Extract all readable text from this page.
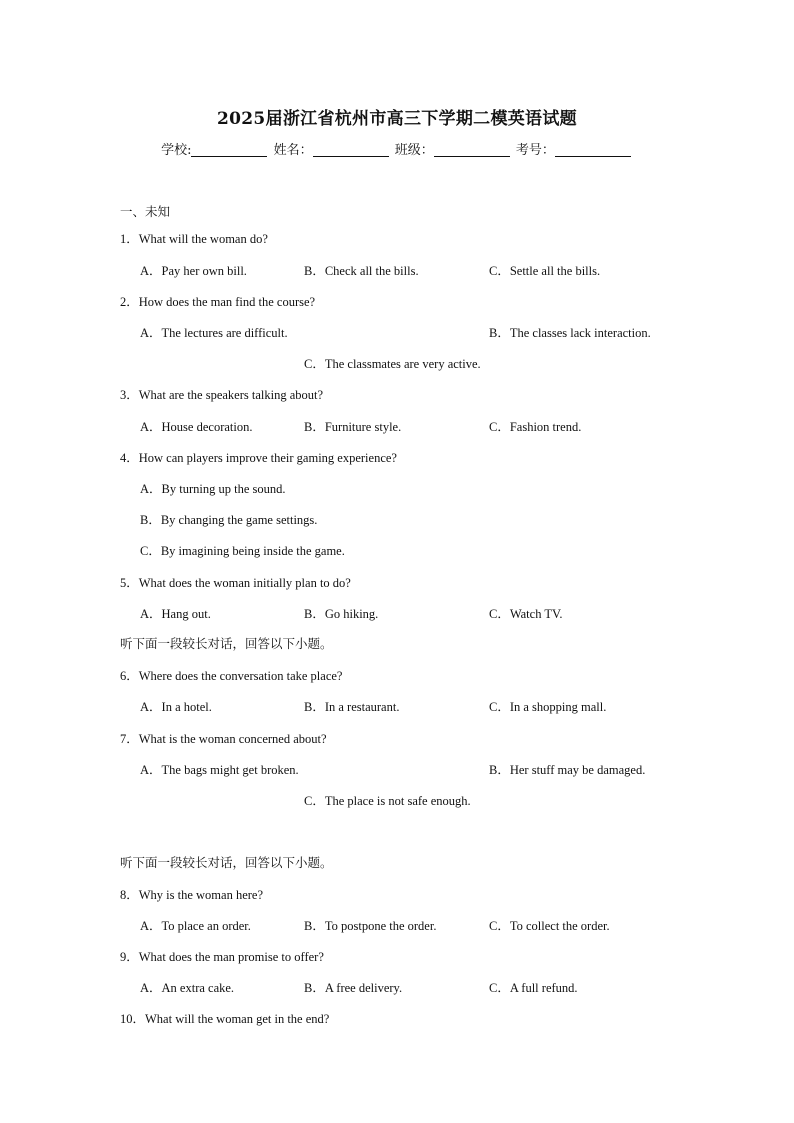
2025届浙江省杭州市高三下学期二模英语试题
学校:	姓名：	班级：	考号：
一、未知
1．What will the woman do?
A．Pay her own bill.	B．Check all the bills.	C．Settle all the bills.
2．How does the man find the course?
A．The lectures are difficult.	B．The classes lack interaction.
C．The classmates are very active.
3．What are the speakers talking about?
A．House decoration.	B．Furniture style.	C．Fashion trend.
4．How can players improve their gaming experience?
A．By turning up the sound.
B．By changing the game settings.
C．By imagining being inside the game.
5．What does the woman initially plan to do?
A．Hang out.	B．Go hiking.	C．Watch TV.
听下面一段较长对话，回答以下小题。
6．Where does the conversation take place?
A．In a hotel.	B．In a restaurant.	C．In a shopping mall.
7．What is the woman concerned about?
A．The bags might get broken.	B．Her stuff may be damaged.
C．The place is not safe enough.
听下面一段较长对话，回答以下小题。
8．Why is the woman here?
A．To place an order.	B．To postpone the order.	C．To collect the order.
9．What does the man promise to offer?
A．An extra cake.	B．A free delivery.	C．A full refund.
10．What will the woman get in the end?
